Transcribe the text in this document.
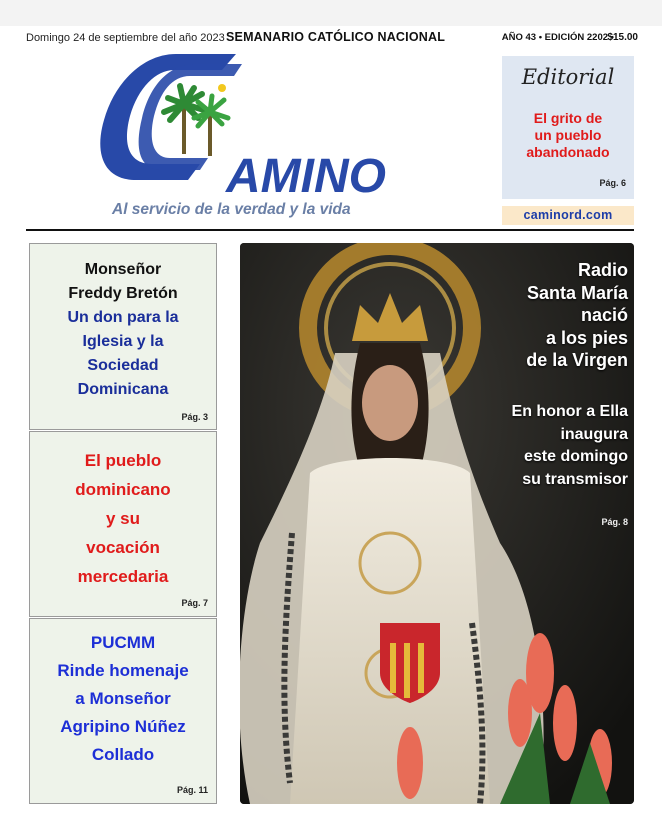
Domingo 24 de septiembre del año 2023 SEMANARIO CATÓLICO NACIONAL	AÑO 43 • EDICIÓN 2202 •
$15.00
AMINO
Al servicio de la verdad y la vida
Editorial
El grito de
un pueblo
abandonado
Pág. 6
caminord.com
Monseñor
Freddy Bretón
Un don para la
Iglesia y la
Sociedad
Dominicana
Pág. 3
El pueblo
dominicano
y su
vocación
mercedaria
Pág. 7
PUCMM
Rinde homenaje
a Monseñor
Agripino Núñez
Collado
Pág. 11
Radio
Santa María
nació
a los pies
de la Virgen
En honor a Ella
inaugura
este domingo
su transmisor
Pág. 8
